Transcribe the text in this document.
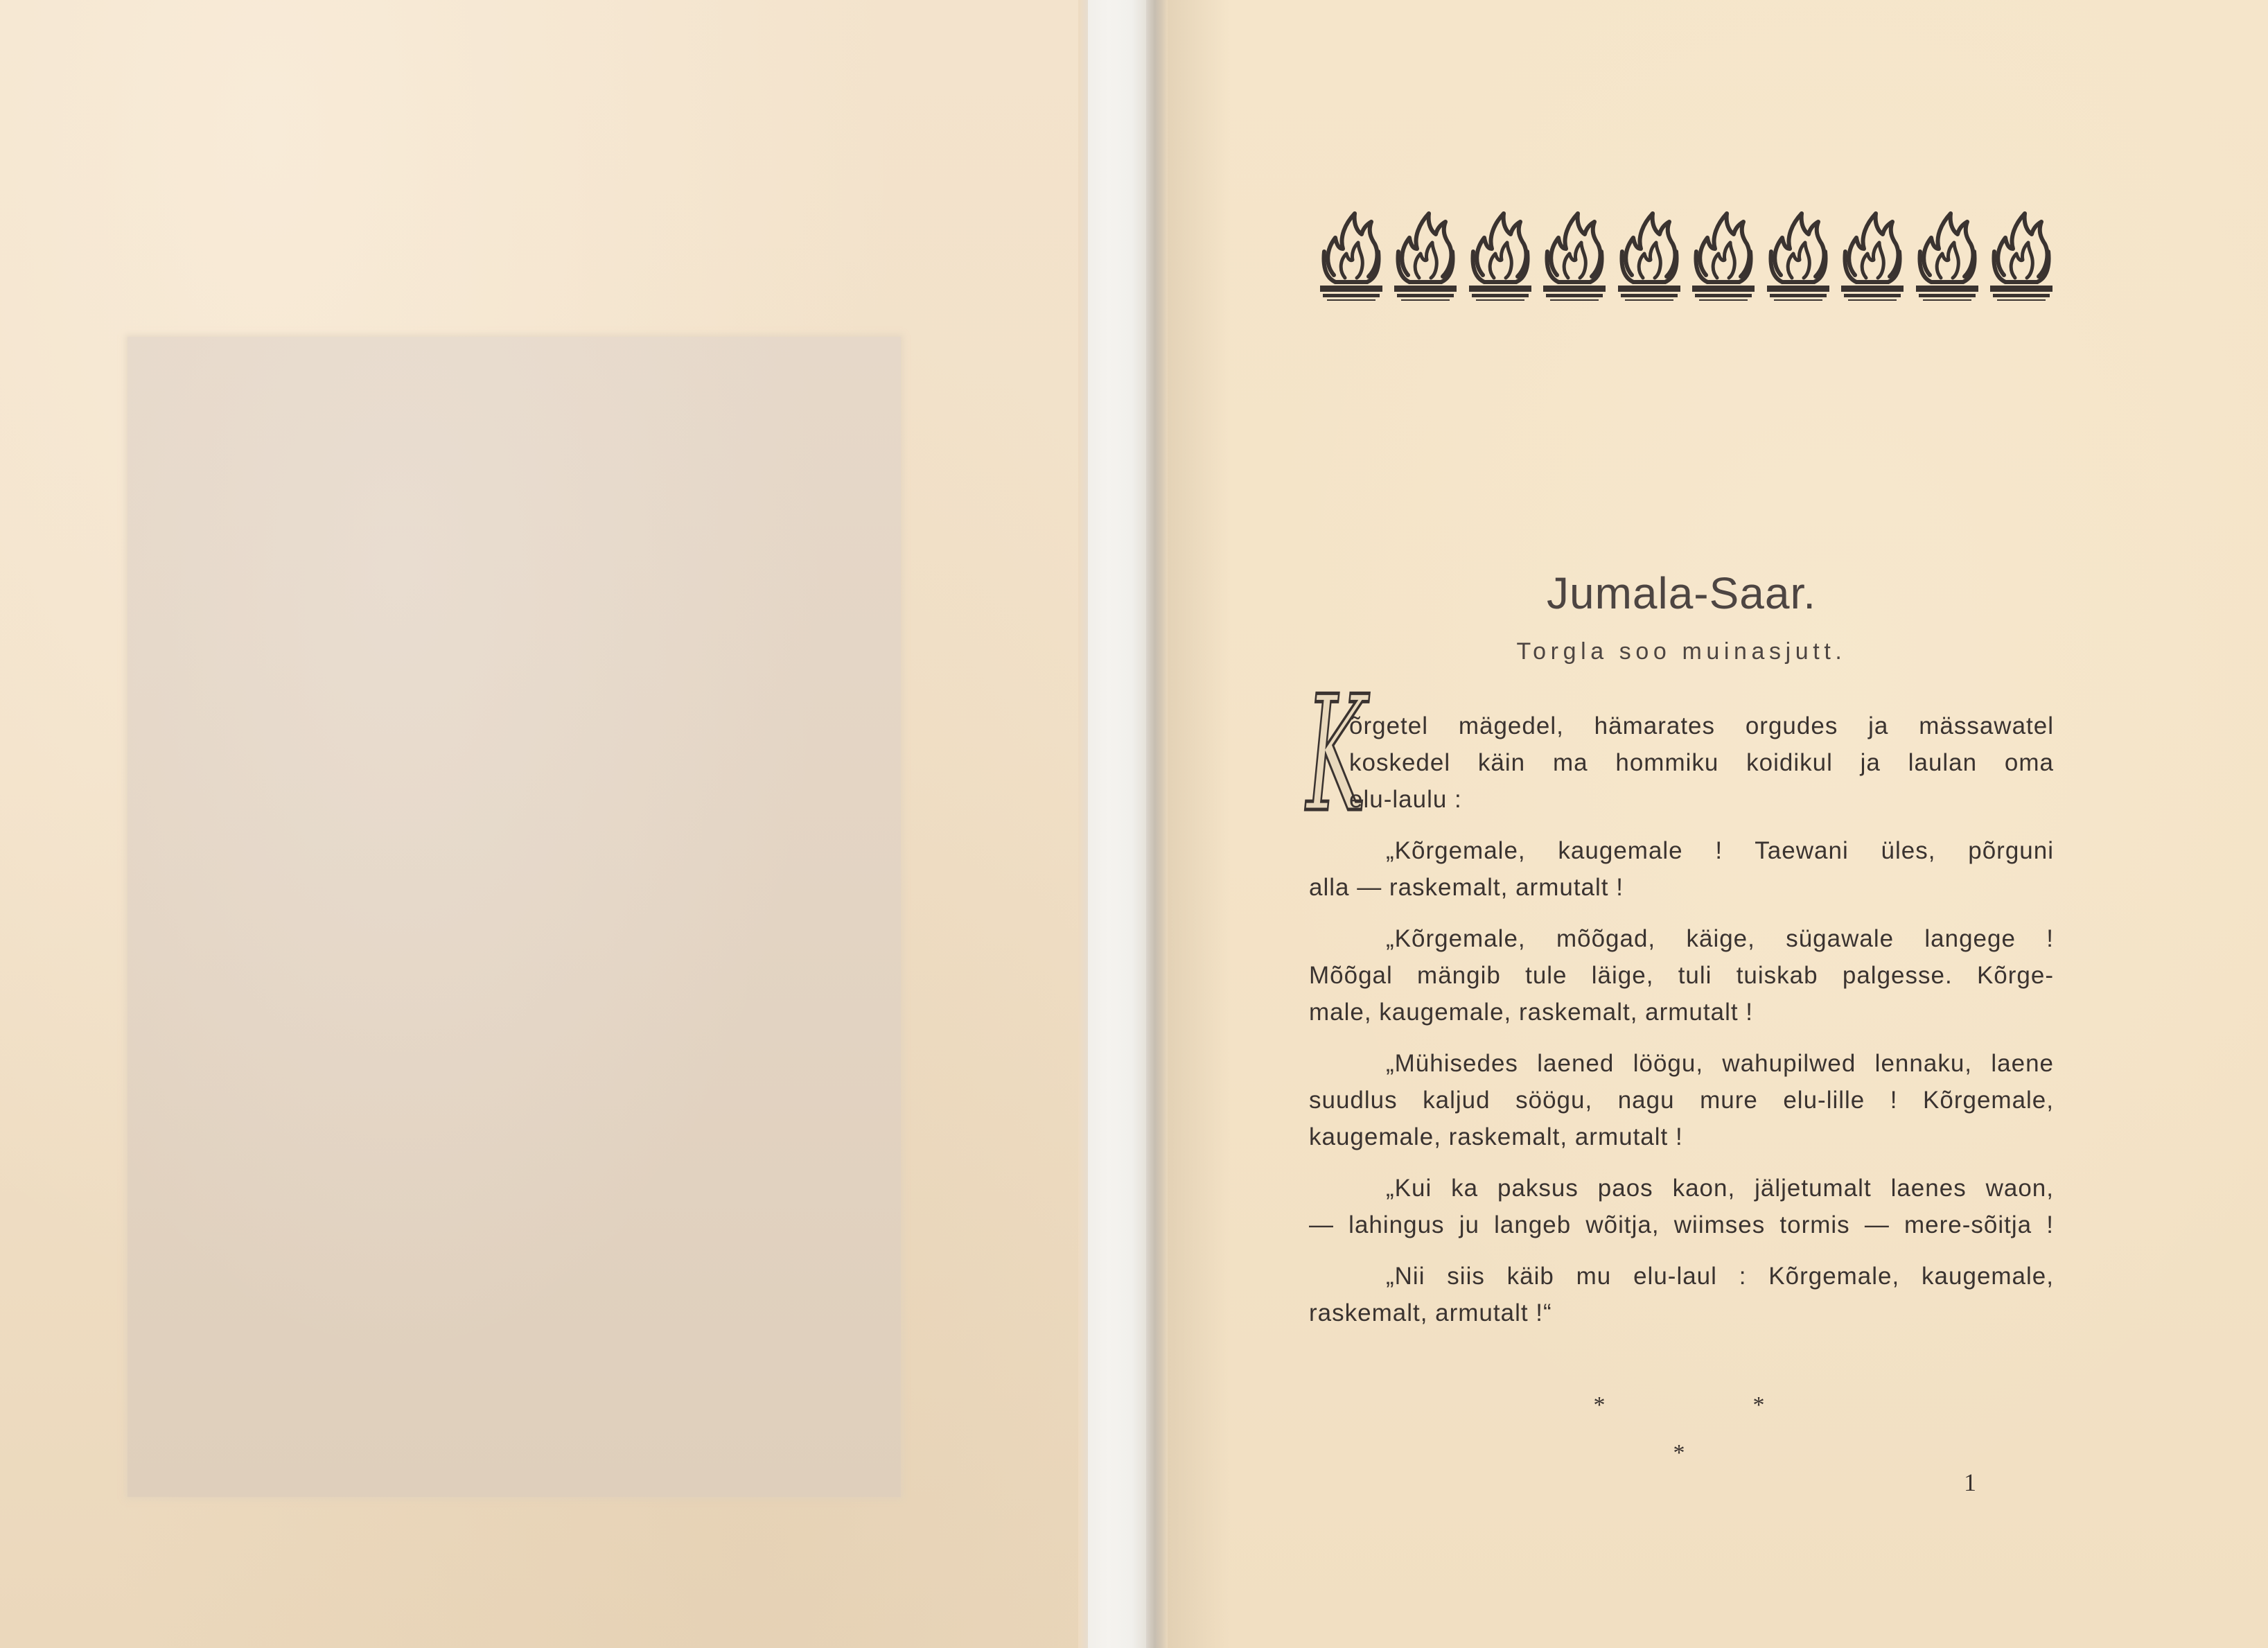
Jumala-Saar.
Torgla soo muinasjutt.
K
õrgetel mägedel, hämarates orgudes ja mässawatel
koskedel käin ma hommiku koidikul ja laulan oma
elu-laulu :
„Kõrgemale, kaugemale ! Taewani üles, põrguni
alla — raskemalt, armutalt !
„Kõrgemale, mõõgad, käige, sügawale langege !
Mõõgal mängib tule läige, tuli tuiskab palgesse. Kõrge-
male, kaugemale, raskemalt, armutalt !
„Mühisedes laened löögu, wahupilwed lennaku, laene
suudlus kaljud söögu, nagu mure elu-lille ! Kõrgemale,
kaugemale, raskemalt, armutalt !
„Kui ka paksus paos kaon, jäljetumalt laenes waon,
— lahingus ju langeb wõitja, wiimses tormis — mere-sõitja !
„Nii siis käib mu elu-laul : Kõrgemale, kaugemale,
raskemalt, armutalt !“
*	*
*
1
